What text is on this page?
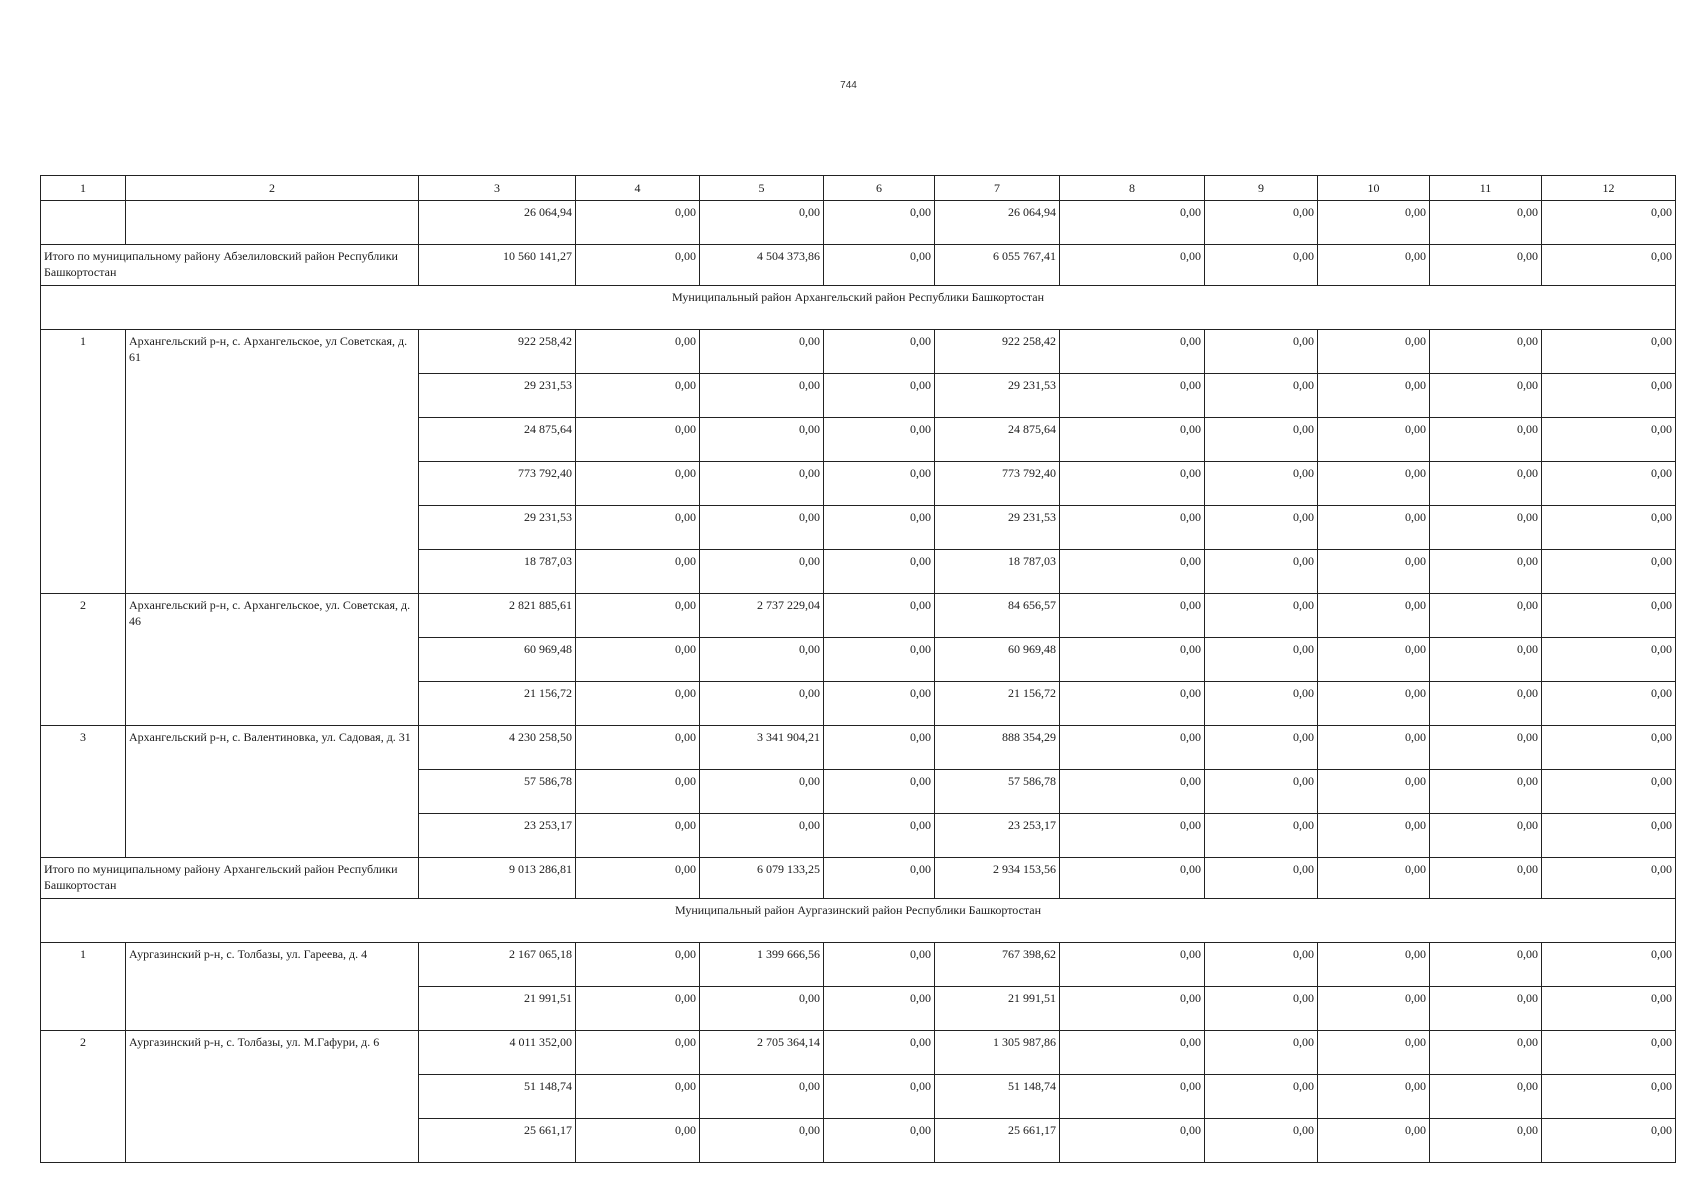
744
1	2	3	4	5	6	7	8	9	10	11	12
		26 064,94	0,00	0,00	0,00	26 064,94	0,00	0,00	0,00	0,00	0,00
Итого по муниципальному району Абзелиловский район Республики Башкортостан		10 560 141,27	0,00	4 504 373,86	0,00	6 055 767,41	0,00	0,00	0,00	0,00	0,00
Муниципальный район Архангельский район Республики Башкортостан											
1	Архангельский р-н, с. Архангельское, ул Советская, д. 61	922 258,42	0,00	0,00	0,00	922 258,42	0,00	0,00	0,00	0,00	0,00
		29 231,53	0,00	0,00	0,00	29 231,53	0,00	0,00	0,00	0,00	0,00
		24 875,64	0,00	0,00	0,00	24 875,64	0,00	0,00	0,00	0,00	0,00
		773 792,40	0,00	0,00	0,00	773 792,40	0,00	0,00	0,00	0,00	0,00
		29 231,53	0,00	0,00	0,00	29 231,53	0,00	0,00	0,00	0,00	0,00
		18 787,03	0,00	0,00	0,00	18 787,03	0,00	0,00	0,00	0,00	0,00
2	Архангельский р-н, с. Архангельское, ул. Советская, д. 46	2 821 885,61	0,00	2 737 229,04	0,00	84 656,57	0,00	0,00	0,00	0,00	0,00
		60 969,48	0,00	0,00	0,00	60 969,48	0,00	0,00	0,00	0,00	0,00
		21 156,72	0,00	0,00	0,00	21 156,72	0,00	0,00	0,00	0,00	0,00
3	Архангельский р-н, с. Валентиновка, ул. Садовая, д. 31	4 230 258,50	0,00	3 341 904,21	0,00	888 354,29	0,00	0,00	0,00	0,00	0,00
		57 586,78	0,00	0,00	0,00	57 586,78	0,00	0,00	0,00	0,00	0,00
		23 253,17	0,00	0,00	0,00	23 253,17	0,00	0,00	0,00	0,00	0,00
Итого по муниципальному району Архангельский район Республики Башкортостан		9 013 286,81	0,00	6 079 133,25	0,00	2 934 153,56	0,00	0,00	0,00	0,00	0,00
Муниципальный район Аургазинский район Республики Башкортостан											
1	Аургазинский р-н, с. Толбазы, ул. Гареева, д. 4	2 167 065,18	0,00	1 399 666,56	0,00	767 398,62	0,00	0,00	0,00	0,00	0,00
		21 991,51	0,00	0,00	0,00	21 991,51	0,00	0,00	0,00	0,00	0,00
2	Аургазинский р-н, с. Толбазы, ул. М.Гафури, д. 6	4 011 352,00	0,00	2 705 364,14	0,00	1 305 987,86	0,00	0,00	0,00	0,00	0,00
		51 148,74	0,00	0,00	0,00	51 148,74	0,00	0,00	0,00	0,00	0,00
		25 661,17	0,00	0,00	0,00	25 661,17	0,00	0,00	0,00	0,00	0,00
